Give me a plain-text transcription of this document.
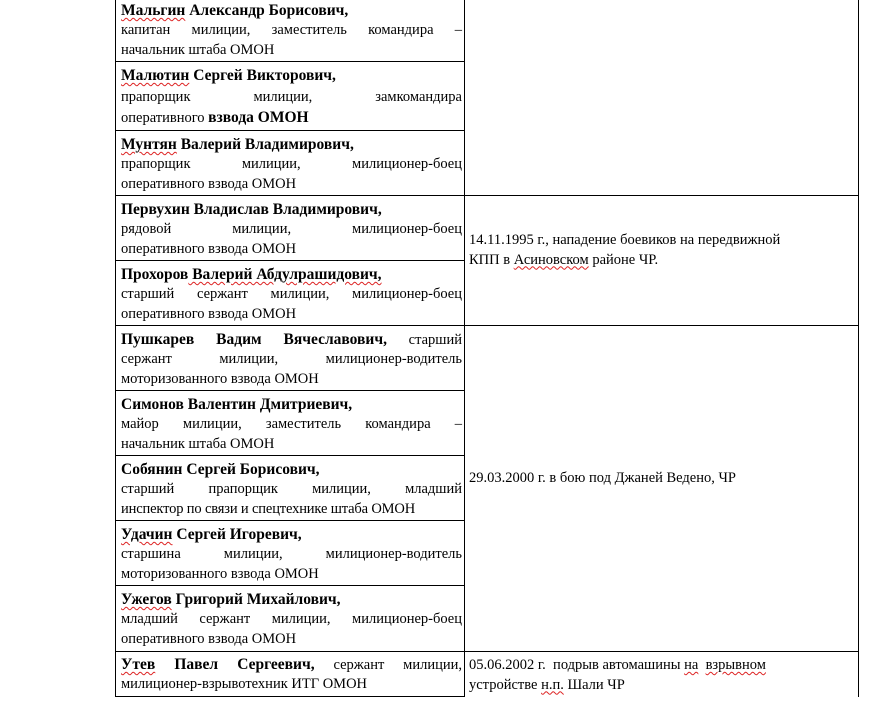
Мальгин Александр Борисович,
капитан милиции, заместитель командира –
начальник штаба ОМОН
Малютин Сергей Викторович,
прапорщик милиции, замкомандира
оперативного взвода ОМОН
Мунтян Валерий Владимирович,
прапорщик милиции, милиционер-боец
оперативного взвода ОМОН
Первухин Владислав Владимирович,
рядовой милиции, милиционер-боец
оперативного взвода ОМОН
Прохоров Валерий Абдулрашидович,
старший сержант милиции, милиционер-боец
оперативного взвода ОМОН
Пушкарев Вадим Вячеславович, старший
сержант милиции, милиционер-водитель
моторизованного взвода ОМОН
Симонов Валентин Дмитриевич,
майор милиции, заместитель командира –
начальник штаба ОМОН
Собянин Сергей Борисович,
старший прапорщик милиции, младший
инспектор по связи и спецтехнике штаба ОМОН
Удачин Сергей Игоревич,
старшина милиции, милиционер-водитель
моторизованного взвода ОМОН
Ужегов Григорий Михайлович,
младший сержант милиции, милиционер-боец
оперативного взвода ОМОН
Утев Павел Сергеевич, сержант милиции,
милиционер-взрывотехник ИТГ ОМОН
14.11.1995 г., нападение боевиков на передвижной
КПП в Асиновском районе ЧР.
29.03.2000 г. в бою под Джаней Ведено, ЧР
05.06.2002 г.  подрыв автомашины на взрывном
устройстве н.п. Шали ЧР
